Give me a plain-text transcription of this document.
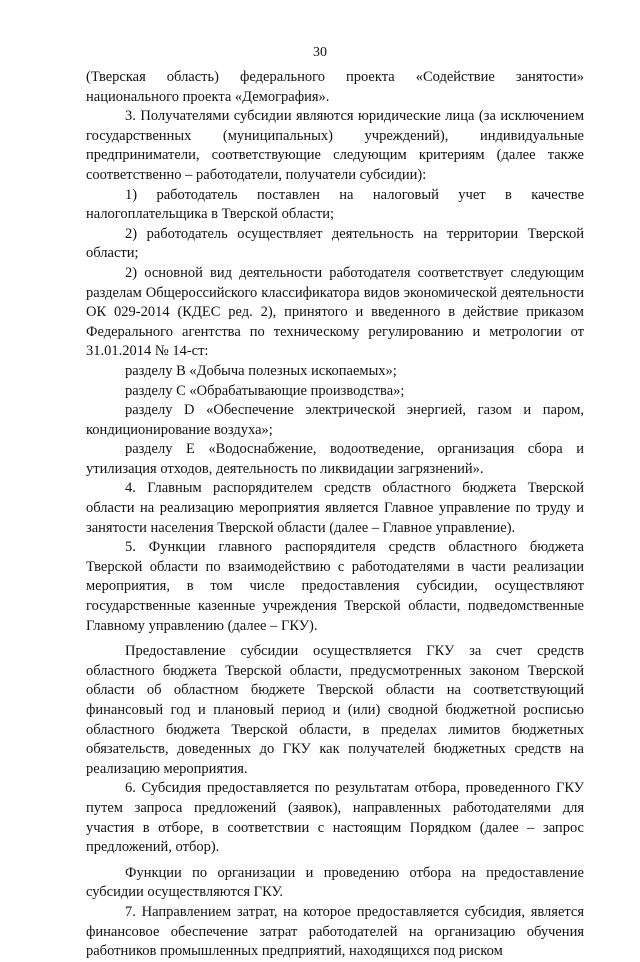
30

(Тверская область) федерального проекта «Содействие занятости» национального проекта «Демография».

3. Получателями субсидии являются юридические лица (за исключением государственных (муниципальных) учреждений), индивидуальные предприниматели, соответствующие следующим критериям (далее также соответственно – работодатели, получатели субсидии):

1) работодатель поставлен на налоговый учет в качестве налогоплательщика в Тверской области;

2) работодатель осуществляет деятельность на территории Тверской области;

2) основной вид деятельности работодателя соответствует следующим разделам Общероссийского классификатора видов экономической деятельности ОК 029-2014 (КДЕС ред. 2), принятого и введенного в действие приказом Федерального агентства по техническому регулированию и метрологии от 31.01.2014 № 14-ст:

разделу B «Добыча полезных ископаемых»;

разделу C «Обрабатывающие производства»;

разделу D «Обеспечение электрической энергией, газом и паром, кондиционирование воздуха»;

разделу E «Водоснабжение, водоотведение, организация сбора и утилизация отходов, деятельность по ликвидации загрязнений».

4. Главным распорядителем средств областного бюджета Тверской области на реализацию мероприятия является Главное управление по труду и занятости населения Тверской области (далее – Главное управление).

5. Функции главного распорядителя средств областного бюджета Тверской области по взаимодействию с работодателями в части реализации мероприятия, в том числе предоставления субсидии, осуществляют государственные казенные учреждения Тверской области, подведомственные Главному управлению (далее – ГКУ).

Предоставление субсидии осуществляется ГКУ за счет средств областного бюджета Тверской области, предусмотренных законом Тверской области об областном бюджете Тверской области на соответствующий финансовый год и плановый период и (или) сводной бюджетной росписью областного бюджета Тверской области, в пределах лимитов бюджетных обязательств, доведенных до ГКУ как получателей бюджетных средств на реализацию мероприятия.

6. Субсидия предоставляется по результатам отбора, проведенного ГКУ путем запроса предложений (заявок), направленных работодателями для участия в отборе, в соответствии с настоящим Порядком (далее – запрос предложений, отбор).

Функции по организации и проведению отбора на предоставление субсидии осуществляются ГКУ.

7. Направлением затрат, на которое предоставляется субсидия, является финансовое обеспечение затрат работодателей на организацию обучения работников промышленных предприятий, находящихся под риском
